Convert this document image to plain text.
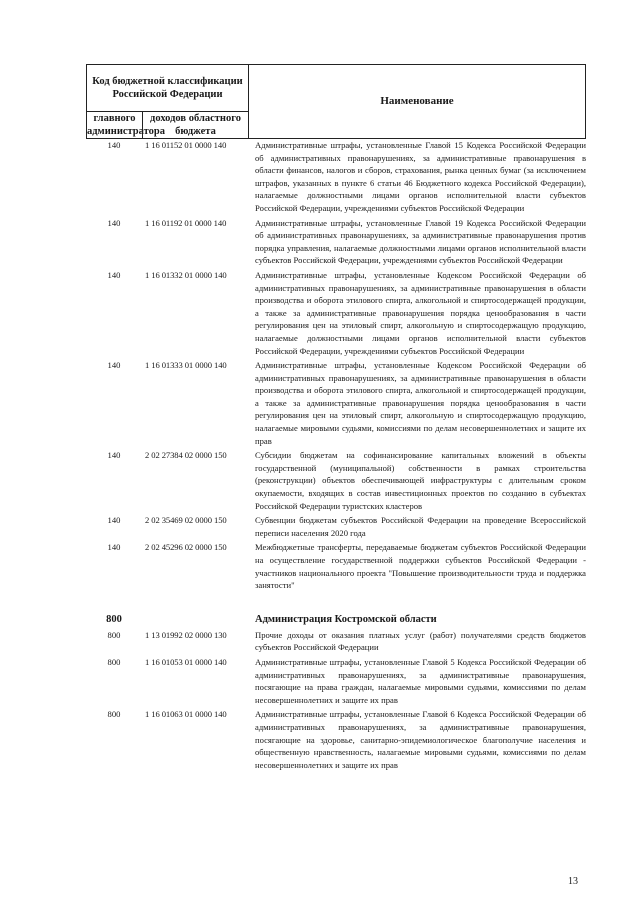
Код бюджетной классификации Российской Федерации		Наименование
главного администратора	доходов областного бюджета	
140	1 16 01152 01 0000 140	Административные штрафы, установленные Главой 15 Кодекса Российской Федерации об административных правонарушениях, за административные правонарушения в области финансов, налогов и сборов, страхования, рынка ценных бумаг (за исключением штрафов, указанных в пункте 6 статьи 46 Бюджетного кодекса Российской Федерации), налагаемые должностными лицами органов исполнительной власти субъектов Российской Федерации, учреждениями субъектов Российской Федерации
140	1 16 01192 01 0000 140	Административные штрафы, установленные Главой 19 Кодекса Российской Федерации об административных правонарушениях, за административные правонарушения против порядка управления, налагаемые должностными лицами органов исполнительной власти субъектов Российской Федерации, учреждениями субъектов Российской Федерации
140	1 16 01332 01 0000 140	Административные штрафы, установленные Кодексом Российской Федерации об административных правонарушениях, за административные правонарушения в области производства и оборота этилового спирта, алкогольной и спиртосодержащей продукции, а также за административные правонарушения порядка ценообразования в части регулирования цен на этиловый спирт, алкогольную и спиртосодержащую продукцию, налагаемые должностными лицами органов исполнительной власти субъектов Российской Федерации, учреждениями субъектов Российской Федерации
140	1 16 01333 01 0000 140	Административные штрафы, установленные Кодексом Российской Федерации об административных правонарушениях, за административные правонарушения в области производства и оборота этилового спирта, алкогольной и спиртосодержащей продукции, а также за административные правонарушения порядка ценообразования в части регулирования цен на этиловый спирт, алкогольную и спиртосодержащую продукцию, налагаемые мировыми судьями, комиссиями по делам несовершеннолетних и защите их прав
140	2 02 27384 02 0000 150	Субсидии бюджетам на софинансирование капитальных вложений в объекты государственной (муниципальной) собственности в рамках строительства (реконструкции) объектов обеспечивающей инфраструктуры с длительным сроком окупаемости, входящих в состав инвестиционных проектов по созданию в субъектах Российской Федерации туристских кластеров
140	2 02 35469 02 0000 150	Субвенции бюджетам субъектов Российской Федерации на проведение Всероссийской переписи населения 2020 года
140	2 02 45296 02 0000 150	Межбюджетные трансферты, передаваемые бюджетам субъектов Российской Федерации на осуществление государственной поддержки субъектов Российской Федерации - участников национального проекта "Повышение производительности труда и поддержка занятости"
800	Администрация Костромской области
800	1 13 01992 02 0000 130	Прочие доходы от оказания платных услуг (работ) получателями средств бюджетов субъектов Российской Федерации
800	1 16 01053 01 0000 140	Административные штрафы, установленные Главой 5 Кодекса Российской Федерации об административных правонарушениях, за административные правонарушения, посягающие на права граждан, налагаемые мировыми судьями, комиссиями по делам несовершеннолетних и защите их прав
800	1 16 01063 01 0000 140	Административные штрафы, установленные Главой 6 Кодекса Российской Федерации об административных правонарушениях, за административные правонарушения, посягающие на здоровье, санитарно-эпидемиологическое благополучие населения и общественную нравственность, налагаемые мировыми судьями, комиссиями по делам несовершеннолетних и защите их прав
13
